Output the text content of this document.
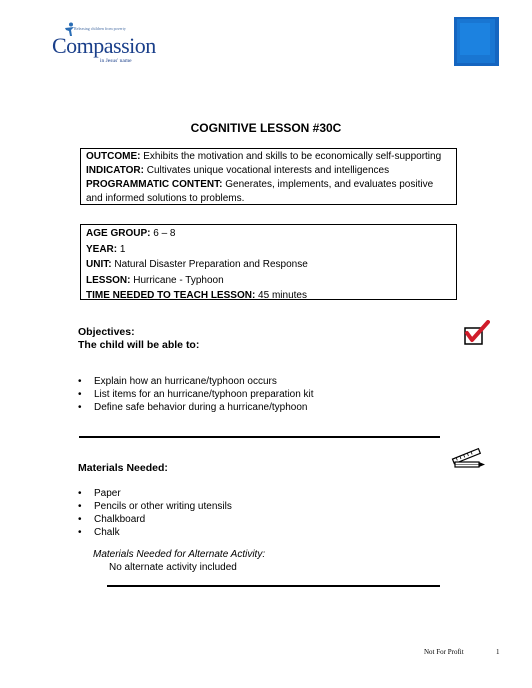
Releasing children from poverty
Compassion
in Jesus' name
COGNITIVE LESSON #30C
OUTCOME: Exhibits the motivation and skills to be economically self-supporting
INDICATOR: Cultivates unique vocational interests and intelligences
PROGRAMMATIC CONTENT: Generates, implements, and evaluates positive and informed solutions to problems.
AGE GROUP: 6 – 8
YEAR: 1
UNIT: Natural Disaster Preparation and Response
LESSON: Hurricane - Typhoon
TIME NEEDED TO TEACH LESSON: 45 minutes
Objectives:
The child will be able to:
• Explain how an hurricane/typhoon occurs
• List items for an hurricane/typhoon preparation kit
• Define safe behavior during a hurricane/typhoon
Materials Needed:
• Paper
• Pencils or other writing utensils
• Chalkboard
• Chalk
Materials Needed for Alternate Activity:
No alternate activity included
Not For Profit	1
